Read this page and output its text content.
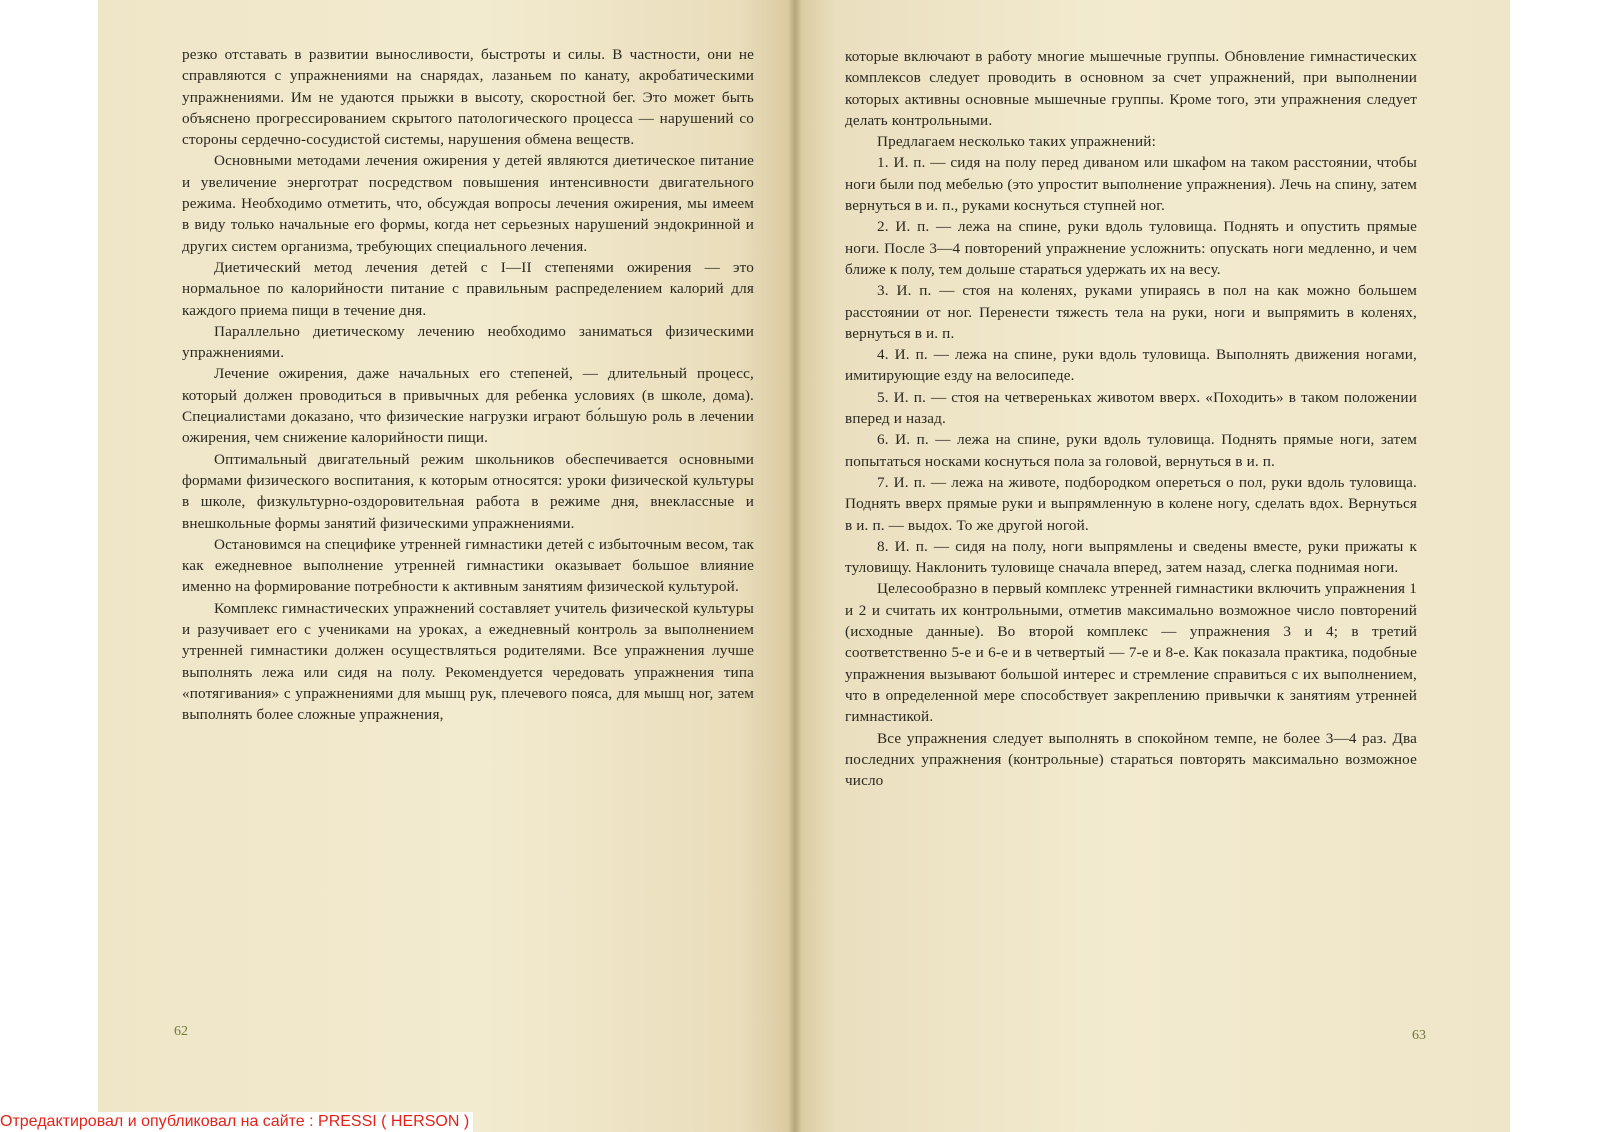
резко отставать в развитии выносливости, быстроты и силы. В частности, они не справляются с упражнениями на снарядах, лазаньем по канату, акробатическими упражнениями. Им не удаются прыжки в высоту, скоростной бег. Это может быть объяснено прогрессированием скрытого патологического процесса — нарушений со стороны сердечно-сосудистой системы, нарушения обмена веществ.

Основными методами лечения ожирения у детей являются диетическое питание и увеличение энерготрат посредством повышения интенсивности двигательного режима. Необходимо отметить, что, обсуждая вопросы лечения ожирения, мы имеем в виду только начальные его формы, когда нет серьезных нарушений эндокринной и других систем организма, требующих специального лечения.

Диетический метод лечения детей с I—II степенями ожирения — это нормальное по калорийности питание с правильным распределением калорий для каждого приема пищи в течение дня.

Параллельно диетическому лечению необходимо заниматься физическими упражнениями.

Лечение ожирения, даже начальных его степеней, — длительный процесс, который должен проводиться в привычных для ребенка условиях (в школе, дома). Специалистами доказано, что физические нагрузки играют бо́льшую роль в лечении ожирения, чем снижение калорийности пищи.

Оптимальный двигательный режим школьников обеспечивается основными формами физического воспитания, к которым относятся: уроки физической культуры в школе, физкультурно-оздоровительная работа в режиме дня, внеклассные и внешкольные формы занятий физическими упражнениями.

Остановимся на специфике утренней гимнастики детей с избыточным весом, так как ежедневное выполнение утренней гимнастики оказывает большое влияние именно на формирование потребности к активным занятиям физической культурой.

Комплекс гимнастических упражнений составляет учитель физической культуры и разучивает его с учениками на уроках, а ежедневный контроль за выполнением утренней гимнастики должен осуществляться родителями. Все упражнения лучше выполнять лежа или сидя на полу. Рекомендуется чередовать упражнения типа «потягивания» с упражнениями для мышц рук, плечевого пояса, для мышц ног, затем выполнять более сложные упражнения,

которые включают в работу многие мышечные группы. Обновление гимнастических комплексов следует проводить в основном за счет упражнений, при выполнении которых активны основные мышечные группы. Кроме того, эти упражнения следует делать контрольными.

Предлагаем несколько таких упражнений:

1. И. п. — сидя на полу перед диваном или шкафом на таком расстоянии, чтобы ноги были под мебелью (это упростит выполнение упражнения). Лечь на спину, затем вернуться в и. п., руками коснуться ступней ног.

2. И. п. — лежа на спине, руки вдоль туловища. Поднять и опустить прямые ноги. После 3—4 повторений упражнение усложнить: опускать ноги медленно, и чем ближе к полу, тем дольше стараться удержать их на весу.

3. И. п. — стоя на коленях, руками упираясь в пол на как можно большем расстоянии от ног. Перенести тяжесть тела на руки, ноги и выпрямить в коленях, вернуться в и. п.

4. И. п. — лежа на спине, руки вдоль туловища. Выполнять движения ногами, имитирующие езду на велосипеде.

5. И. п. — стоя на четвереньках животом вверх. «Походить» в таком положении вперед и назад.

6. И. п. — лежа на спине, руки вдоль туловища. Поднять прямые ноги, затем попытаться носками коснуться пола за головой, вернуться в и. п.

7. И. п. — лежа на животе, подбородком опереться о пол, руки вдоль туловища. Поднять вверх прямые руки и выпрямленную в колене ногу, сделать вдох. Вернуться в и. п. — выдох. То же другой ногой.

8. И. п. — сидя на полу, ноги выпрямлены и сведены вместе, руки прижаты к туловищу. Наклонить туловище сначала вперед, затем назад, слегка поднимая ноги.

Целесообразно в первый комплекс утренней гимнастики включить упражнения 1 и 2 и считать их контрольными, отметив максимально возможное число повторений (исходные данные). Во второй комплекс — упражнения 3 и 4; в третий соответственно 5-е и 6-е и в четвертый — 7-е и 8-е. Как показала практика, подобные упражнения вызывают большой интерес и стремление справиться с их выполнением, что в определенной мере способствует закреплению привычки к занятиям утренней гимнастикой.

Все упражнения следует выполнять в спокойном темпе, не более 3—4 раз. Два последних упражнения (контрольные) стараться повторять максимально возможное число

62	63
Отредактировал и опубликовал на сайте : PRESSI ( HERSON )
